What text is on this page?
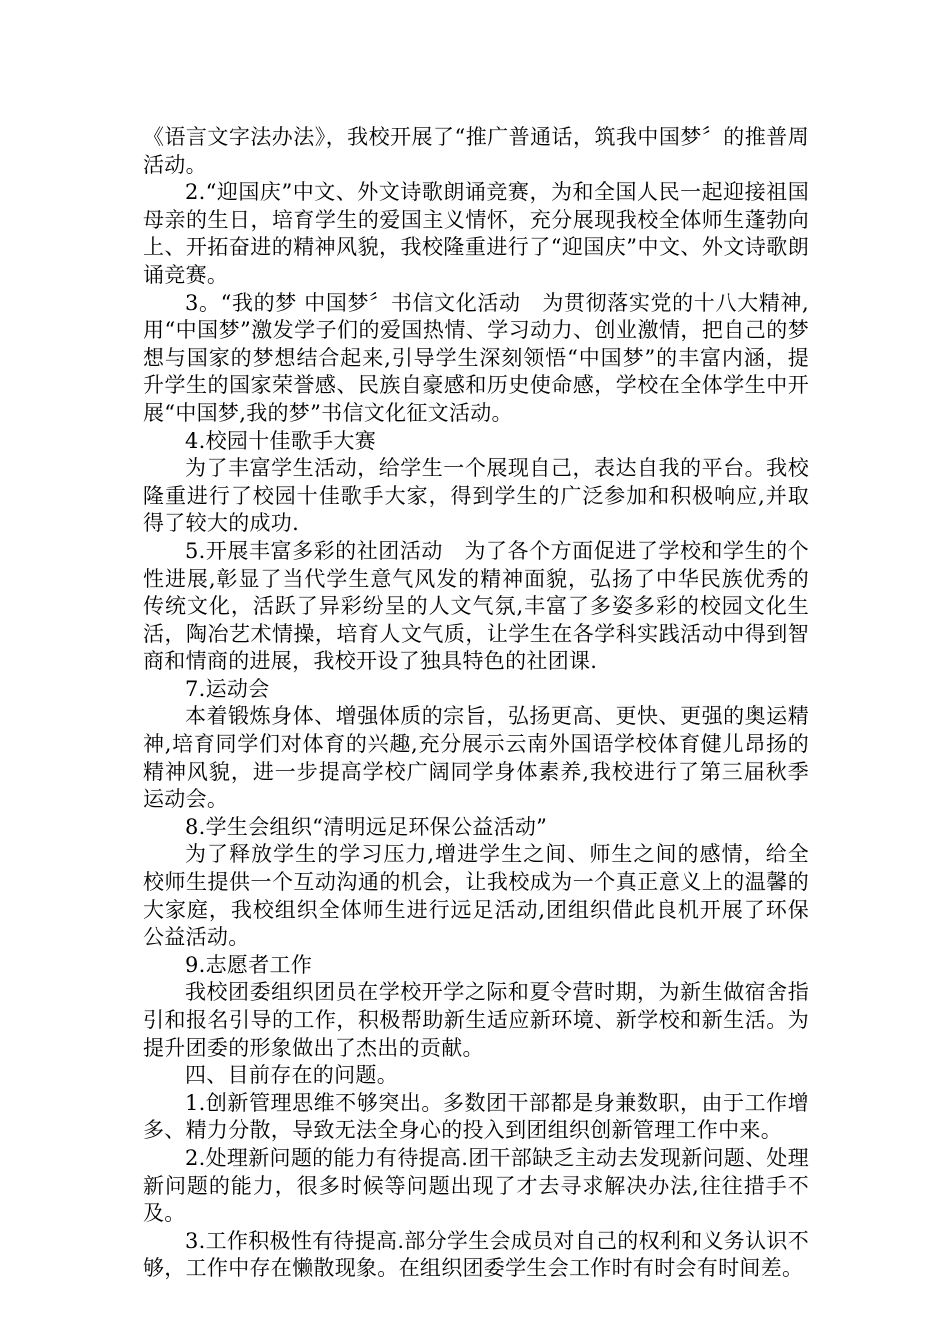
《语言文字法办法》，我校开展了“推广普通话，筑我中国梦〞的推普周活动。

2.“迎国庆”中文、外文诗歌朗诵竞赛，为和全国人民一起迎接祖国母亲的生日，培育学生的爱国主义情怀，充分展现我校全体师生蓬勃向上、开拓奋进的精神风貌，我校隆重进行了“迎国庆”中文、外文诗歌朗诵竞赛。

3。“我的梦 中国梦〞书信文化活动　为贯彻落实党的十八大精神,用“中国梦”激发学子们的爱国热情、学习动力、创业激情，把自己的梦想与国家的梦想结合起来,引导学生深刻领悟“中国梦”的丰富内涵，提升学生的国家荣誉感、民族自豪感和历史使命感，学校在全体学生中开展“中国梦,我的梦”书信文化征文活动。

4.校园十佳歌手大赛

为了丰富学生活动，给学生一个展现自己，表达自我的平台。我校隆重进行了校园十佳歌手大家，得到学生的广泛参加和积极响应,并取得了较大的成功.

5.开展丰富多彩的社团活动　为了各个方面促进了学校和学生的个性进展,彰显了当代学生意气风发的精神面貌，弘扬了中华民族优秀的传统文化，活跃了异彩纷呈的人文气氛,丰富了多姿多彩的校园文化生活，陶冶艺术情操，培育人文气质，让学生在各学科实践活动中得到智商和情商的进展，我校开设了独具特色的社团课.

7.运动会

本着锻炼身体、增强体质的宗旨，弘扬更高、更快、更强的奥运精神,培育同学们对体育的兴趣,充分展示云南外国语学校体育健儿昂扬的精神风貌，进一步提高学校广阔同学身体素养,我校进行了第三届秋季运动会。

8.学生会组织“清明远足环保公益活动”

为了释放学生的学习压力,增进学生之间、师生之间的感情，给全校师生提供一个互动沟通的机会，让我校成为一个真正意义上的温馨的大家庭，我校组织全体师生进行远足活动,团组织借此良机开展了环保公益活动。

9.志愿者工作

我校团委组织团员在学校开学之际和夏令营时期，为新生做宿舍指引和报名引导的工作，积极帮助新生适应新环境、新学校和新生活。为提升团委的形象做出了杰出的贡献。

四、目前存在的问题。

1.创新管理思维不够突出。多数团干部都是身兼数职，由于工作增多、精力分散，导致无法全身心的投入到团组织创新管理工作中来。

2.处理新问题的能力有待提高.团干部缺乏主动去发现新问题、处理新问题的能力，很多时候等问题出现了才去寻求解决办法,往往措手不及。

3.工作积极性有待提高.部分学生会成员对自己的权利和义务认识不够，工作中存在懒散现象。在组织团委学生会工作时有时会有时间差。
